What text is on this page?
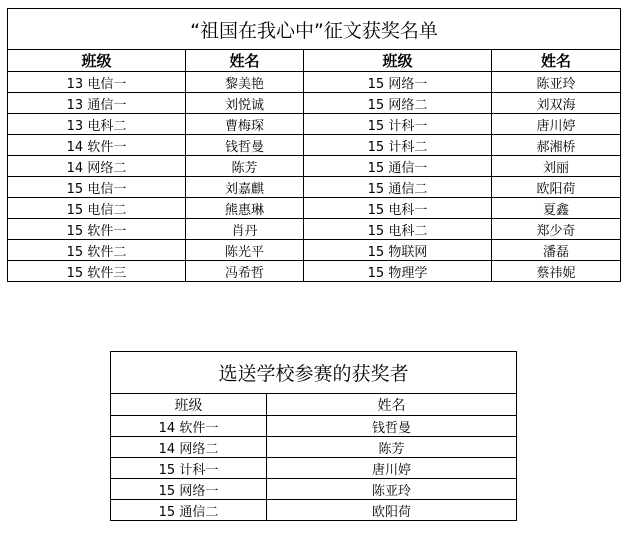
“祖国在我心中”征文获奖名单			
班级	姓名	班级	姓名
13 电信一	黎美艳	15 网络一	陈亚玲
13 通信一	刘悦诚	15 网络二	刘双海
13 电科二	曹梅琛	15 计科一	唐川婷
14 软件一	钱哲曼	15 计科二	郝湘桥
14 网络二	陈芳	15 通信一	刘丽
15 电信一	刘嘉麒	15 通信二	欧阳荷
15 电信二	熊惠琳	15 电科一	夏鑫
15 软件一	肖丹	15 电科二	郑少奇
15 软件二	陈光平	15 物联网	潘磊
15 软件三	冯希哲	15 物理学	蔡祎妮
选送学校参赛的获奖者	
班级	姓名
14 软件一	钱哲曼
14 网络二	陈芳
15 计科一	唐川婷
15 网络一	陈亚玲
15 通信二	欧阳荷
